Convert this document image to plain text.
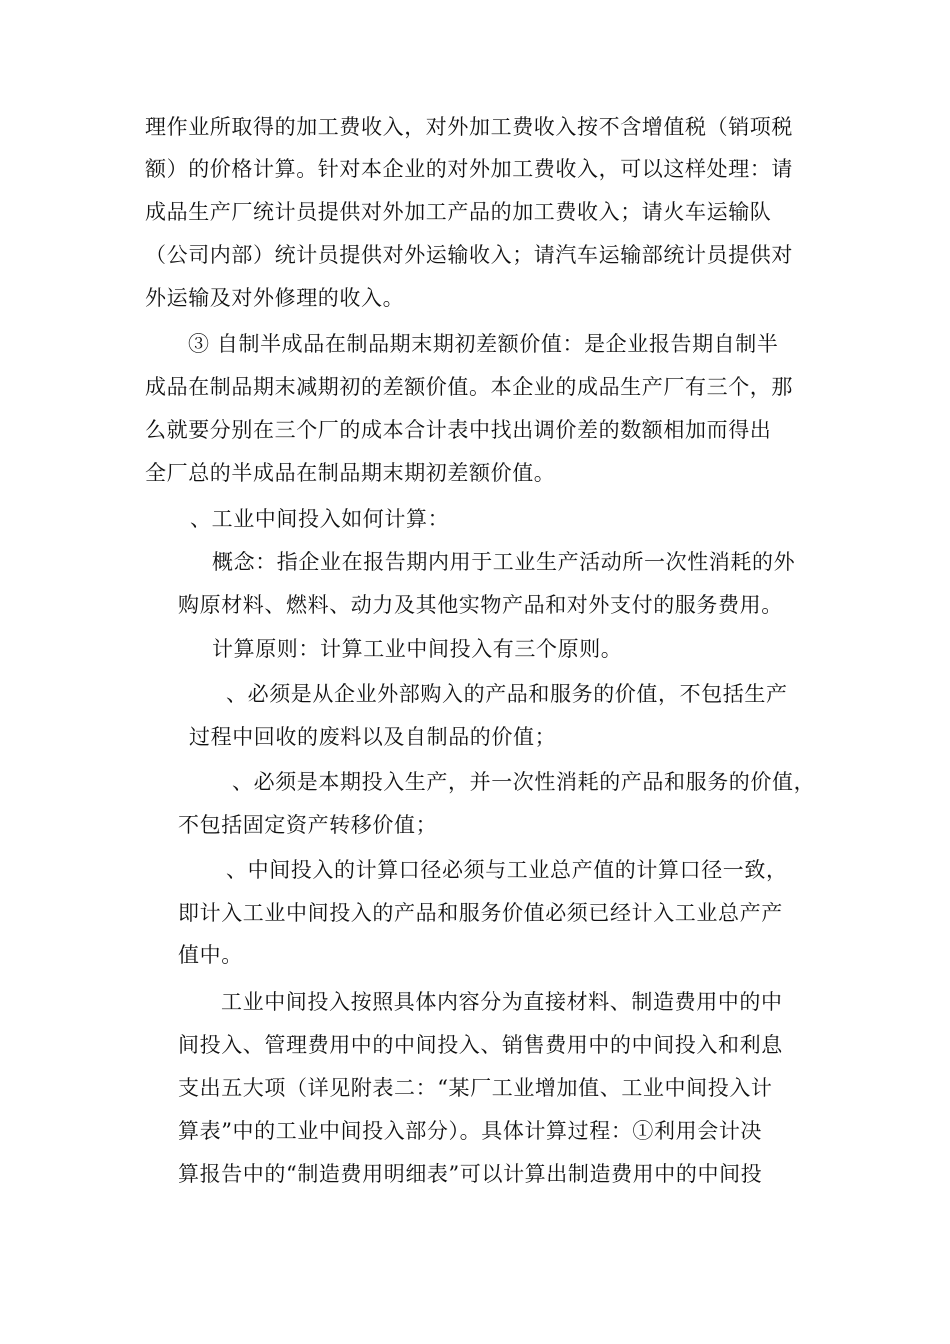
理作业所取得的加工费收入，对外加工费收入按不含增值税（销项税
额）的价格计算。针对本企业的对外加工费收入，可以这样处理：请
成品生产厂统计员提供对外加工产品的加工费收入；请火车运输队
（公司内部）统计员提供对外运输收入；请汽车运输部统计员提供对
外运输及对外修理的收入。
③ 自制半成品在制品期末期初差额价值：是企业报告期自制半
成品在制品期末减期初的差额价值。本企业的成品生产厂有三个，那
么就要分别在三个厂的成本合计表中找出调价差的数额相加而得出
全厂总的半成品在制品期末期初差额价值。
、工业中间投入如何计算：
概念：指企业在报告期内用于工业生产活动所一次性消耗的外
购原材料、燃料、动力及其他实物产品和对外支付的服务费用。
计算原则：计算工业中间投入有三个原则。
、必须是从企业外部购入的产品和服务的价值，不包括生产
过程中回收的废料以及自制品的价值；
、必须是本期投入生产，并一次性消耗的产品和服务的价值，
不包括固定资产转移价值；
、中间投入的计算口径必须与工业总产值的计算口径一致，
即计入工业中间投入的产品和服务价值必须已经计入工业总产产
值中。
工业中间投入按照具体内容分为直接材料、制造费用中的中
间投入、管理费用中的中间投入、销售费用中的中间投入和利息
支出五大项（详见附表二：“某厂工业增加值、工业中间投入计
算表”中的工业中间投入部分）。具体计算过程：①利用会计决
算报告中的“制造费用明细表”可以计算出制造费用中的中间投
